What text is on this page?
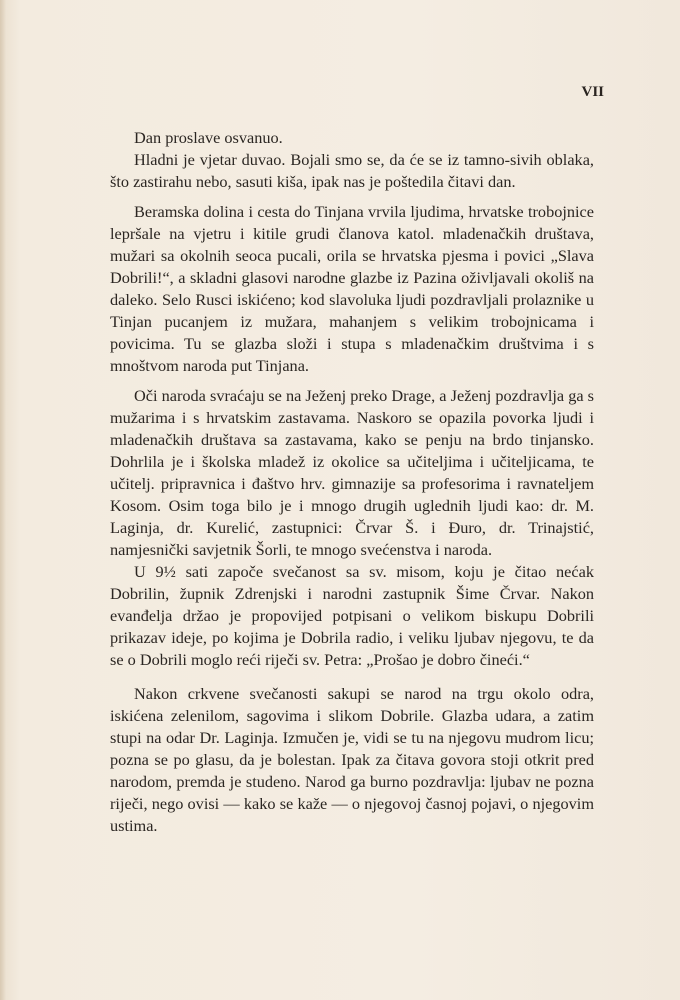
VII

Dan proslave osvanuo.

Hladni je vjetar duvao. Bojali smo se, da će se iz tamno-sivih oblaka, što zastirahu nebo, sasuti kiša, ipak nas je poštedila čitavi dan.

Beramska dolina i cesta do Tinjana vrvila ljudima, hrvatske trobojnice lepršale na vjetru i kitile grudi članova katol. mladenačkih društava, mužari sa okolnih seoca pucali, orila se hrvatska pjesma i povici „Slava Dobrili!“, a skladni glasovi narodne glazbe iz Pazina oživljavali okoliš na daleko. Selo Rusci iskićeno; kod slavoluka ljudi pozdravljali prolaznike u Tinjan pucanjem iz mužara, mahanjem s velikim trobojnicama i povicima. Tu se glazba složi i stupa s mladenačkim društvima i s mnoštvom naroda put Tinjana.

Oči naroda svraćaju se na Ježenj preko Drage, a Ježenj pozdravlja ga s mužarima i s hrvatskim zastavama. Naskoro se opazila povorka ljudi i mladenačkih društava sa zastavama, kako se penju na brdo tinjansko. Dohrlila je i školska mladež iz okolice sa učiteljima i učiteljicama, te učitelj. pripravnica i đaštvo hrv. gimnazije sa profesorima i ravnateljem Kosom. Osim toga bilo je i mnogo drugih uglednih ljudi kao: dr. M. Laginja, dr. Kurelić, zastupnici: Črvar Š. i Đuro, dr. Trinajstić, namjesnički savjetnik Šorli, te mnogo svećenstva i naroda.

U 9½ sati započe svečanost sa sv. misom, koju je čitao nećak Dobrilin, župnik Zdrenjski i narodni zastupnik Šime Črvar. Nakon evanđelja držao je propovijed potpisani o velikom biskupu Dobrili prikazav ideje, po kojima je Dobrila radio, i veliku ljubav njegovu, te da se o Dobrili moglo reći riječi sv. Petra: „Prošao je dobro čineći.“

Nakon crkvene svečanosti sakupi se narod na trgu okolo odra, iskićena zelenilom, sagovima i slikom Dobrile. Glazba udara, a zatim stupi na odar Dr. Laginja. Izmučen je, vidi se tu na njegovu mudrom licu; pozna se po glasu, da je bolestan. Ipak za čitava govora stoji otkrit pred narodom, premda je studeno. Narod ga burno pozdravlja: ljubav ne pozna riječi, nego ovisi — kako se kaže — o njegovoj časnoj pojavi, o njegovim ustima.
